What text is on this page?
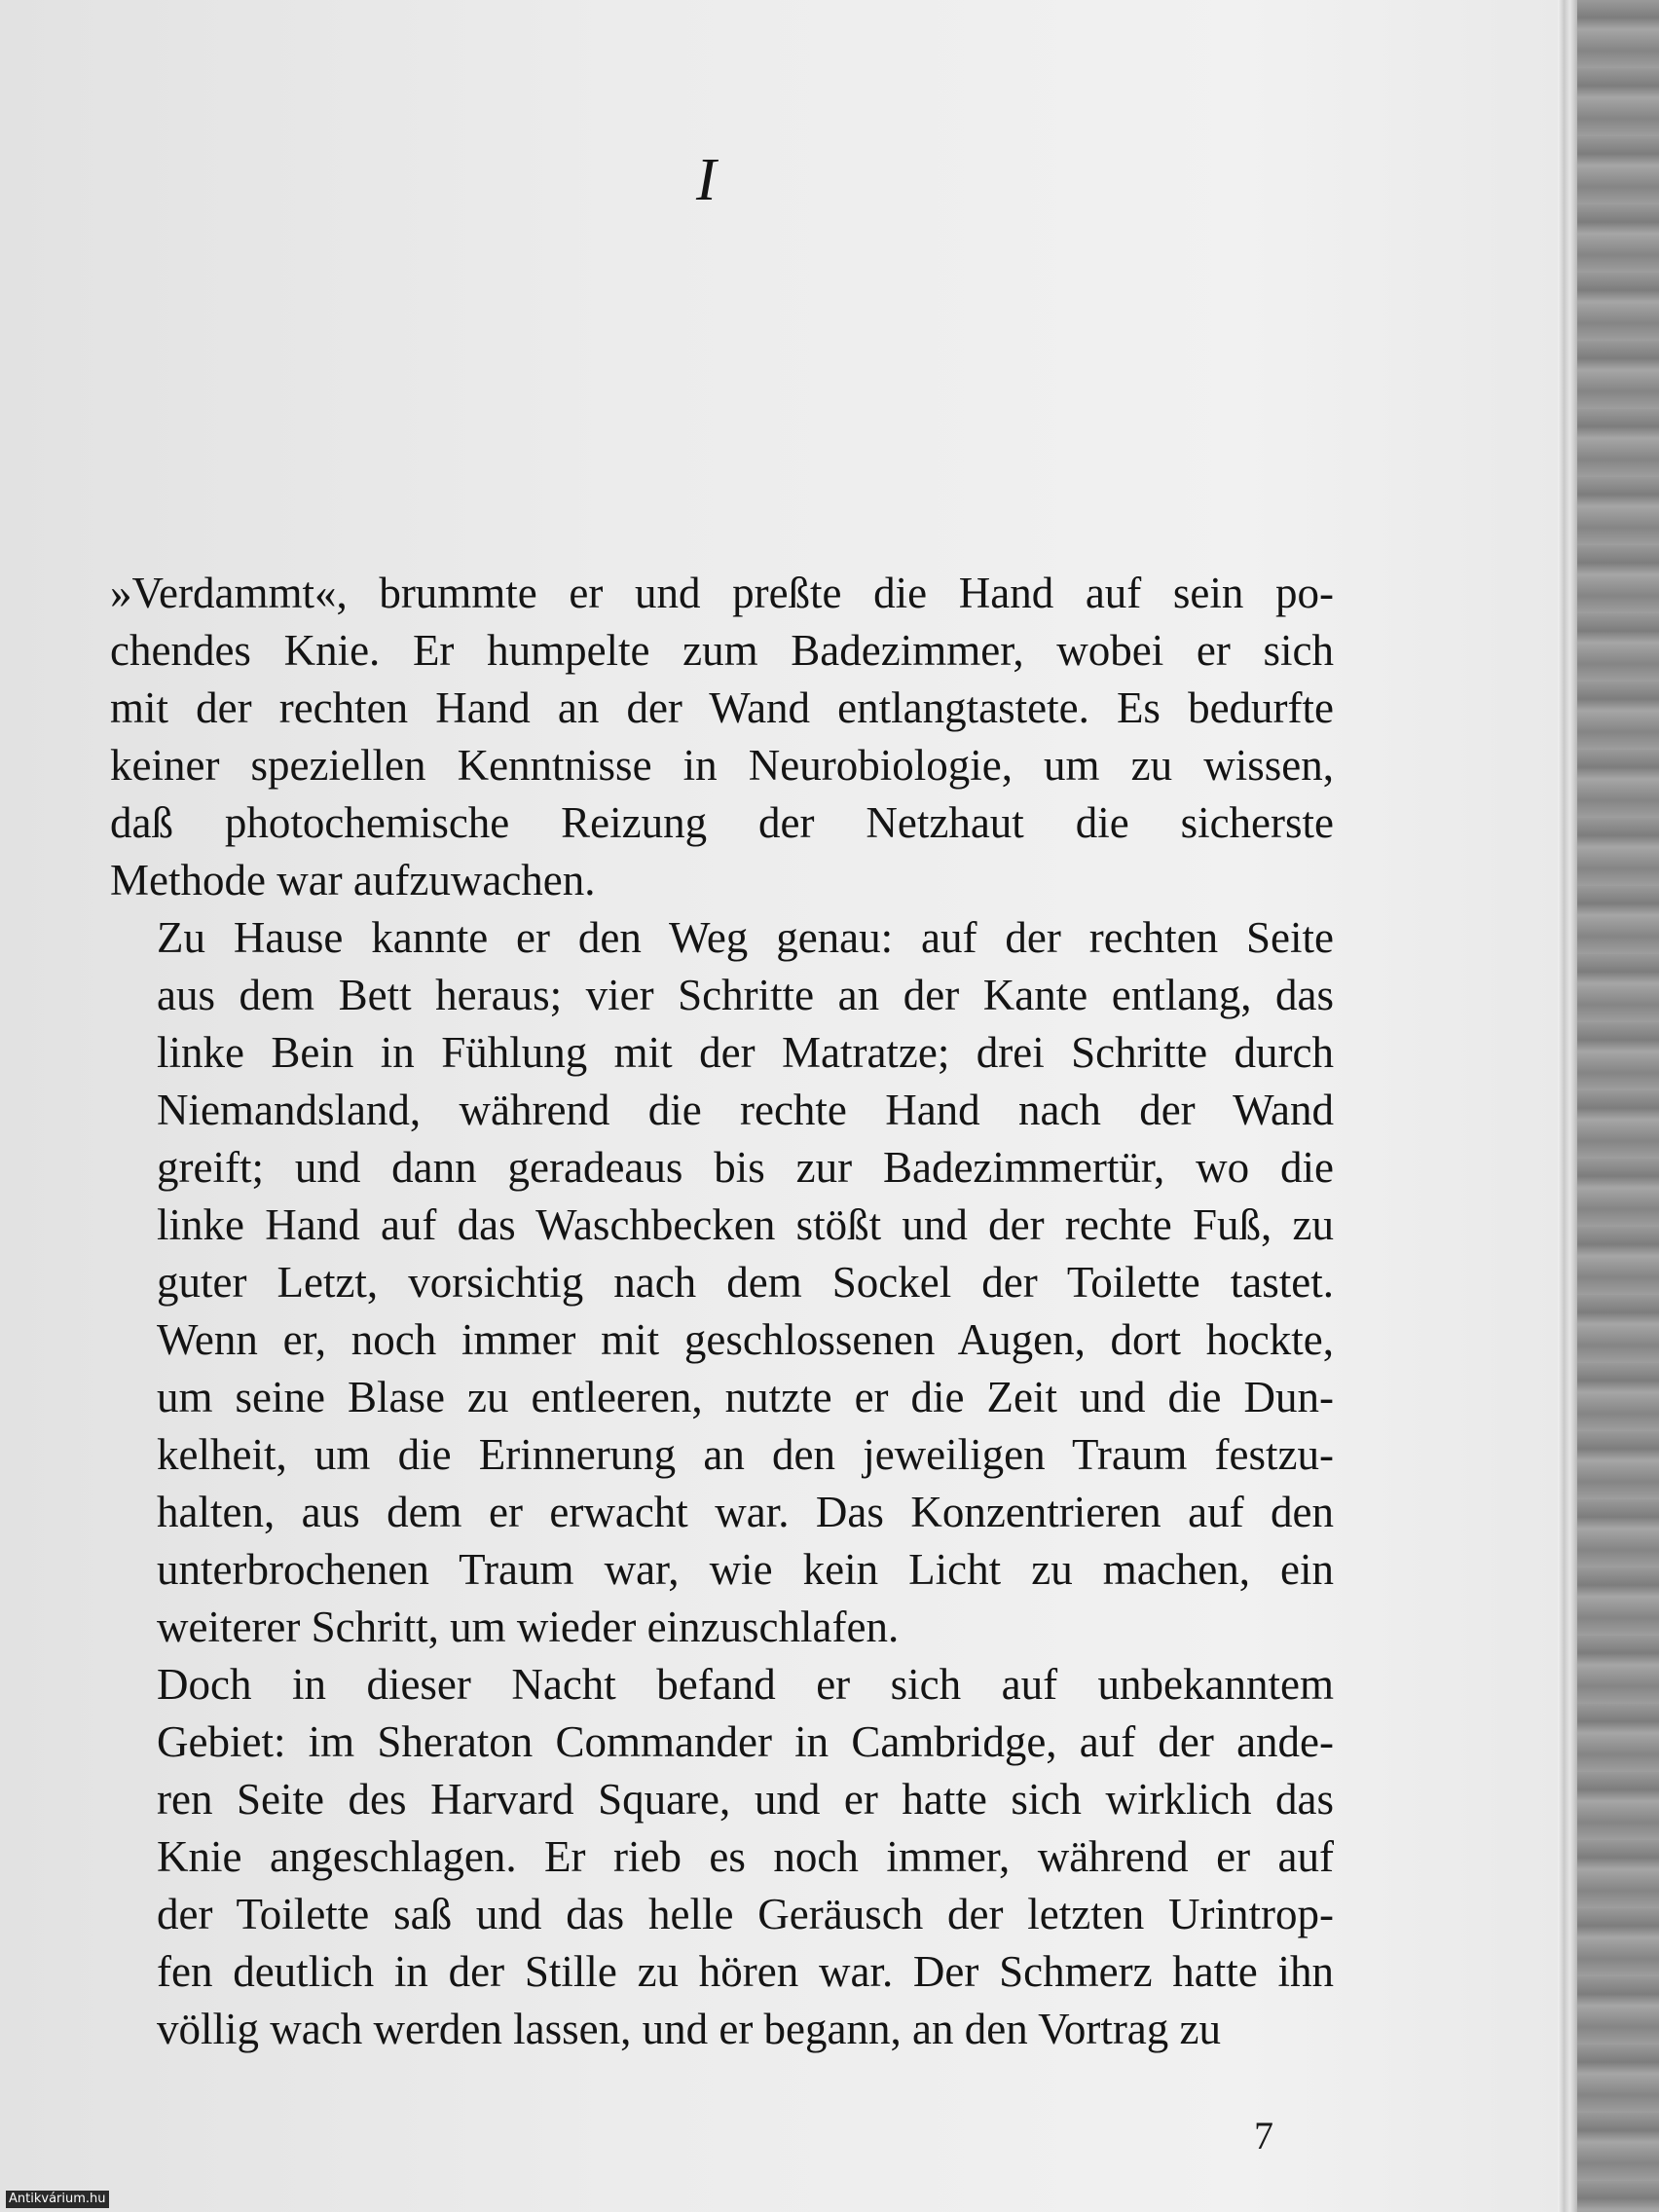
I

»Verdammt«, brummte er und preßte die Hand auf sein po-
chendes Knie. Er humpelte zum Badezimmer, wobei er sich
mit der rechten Hand an der Wand entlangtastete. Es bedurfte
keiner speziellen Kenntnisse in Neurobiologie, um zu wissen,
daß photochemische Reizung der Netzhaut die sicherste
Methode war aufzuwachen.

Zu Hause kannte er den Weg genau: auf der rechten Seite
aus dem Bett heraus; vier Schritte an der Kante entlang, das
linke Bein in Fühlung mit der Matratze; drei Schritte durch
Niemandsland, während die rechte Hand nach der Wand
greift; und dann geradeaus bis zur Badezimmertür, wo die
linke Hand auf das Waschbecken stößt und der rechte Fuß, zu
guter Letzt, vorsichtig nach dem Sockel der Toilette tastet.
Wenn er, noch immer mit geschlossenen Augen, dort hockte,
um seine Blase zu entleeren, nutzte er die Zeit und die Dun-
kelheit, um die Erinnerung an den jeweiligen Traum festzu-
halten, aus dem er erwacht war. Das Konzentrieren auf den
unterbrochenen Traum war, wie kein Licht zu machen, ein
weiterer Schritt, um wieder einzuschlafen.

Doch in dieser Nacht befand er sich auf unbekanntem
Gebiet: im Sheraton Commander in Cambridge, auf der ande-
ren Seite des Harvard Square, und er hatte sich wirklich das
Knie angeschlagen. Er rieb es noch immer, während er auf
der Toilette saß und das helle Geräusch der letzten Urintrop-
fen deutlich in der Stille zu hören war. Der Schmerz hatte ihn
völlig wach werden lassen, und er begann, an den Vortrag zu

7
Antikvárium.hu
